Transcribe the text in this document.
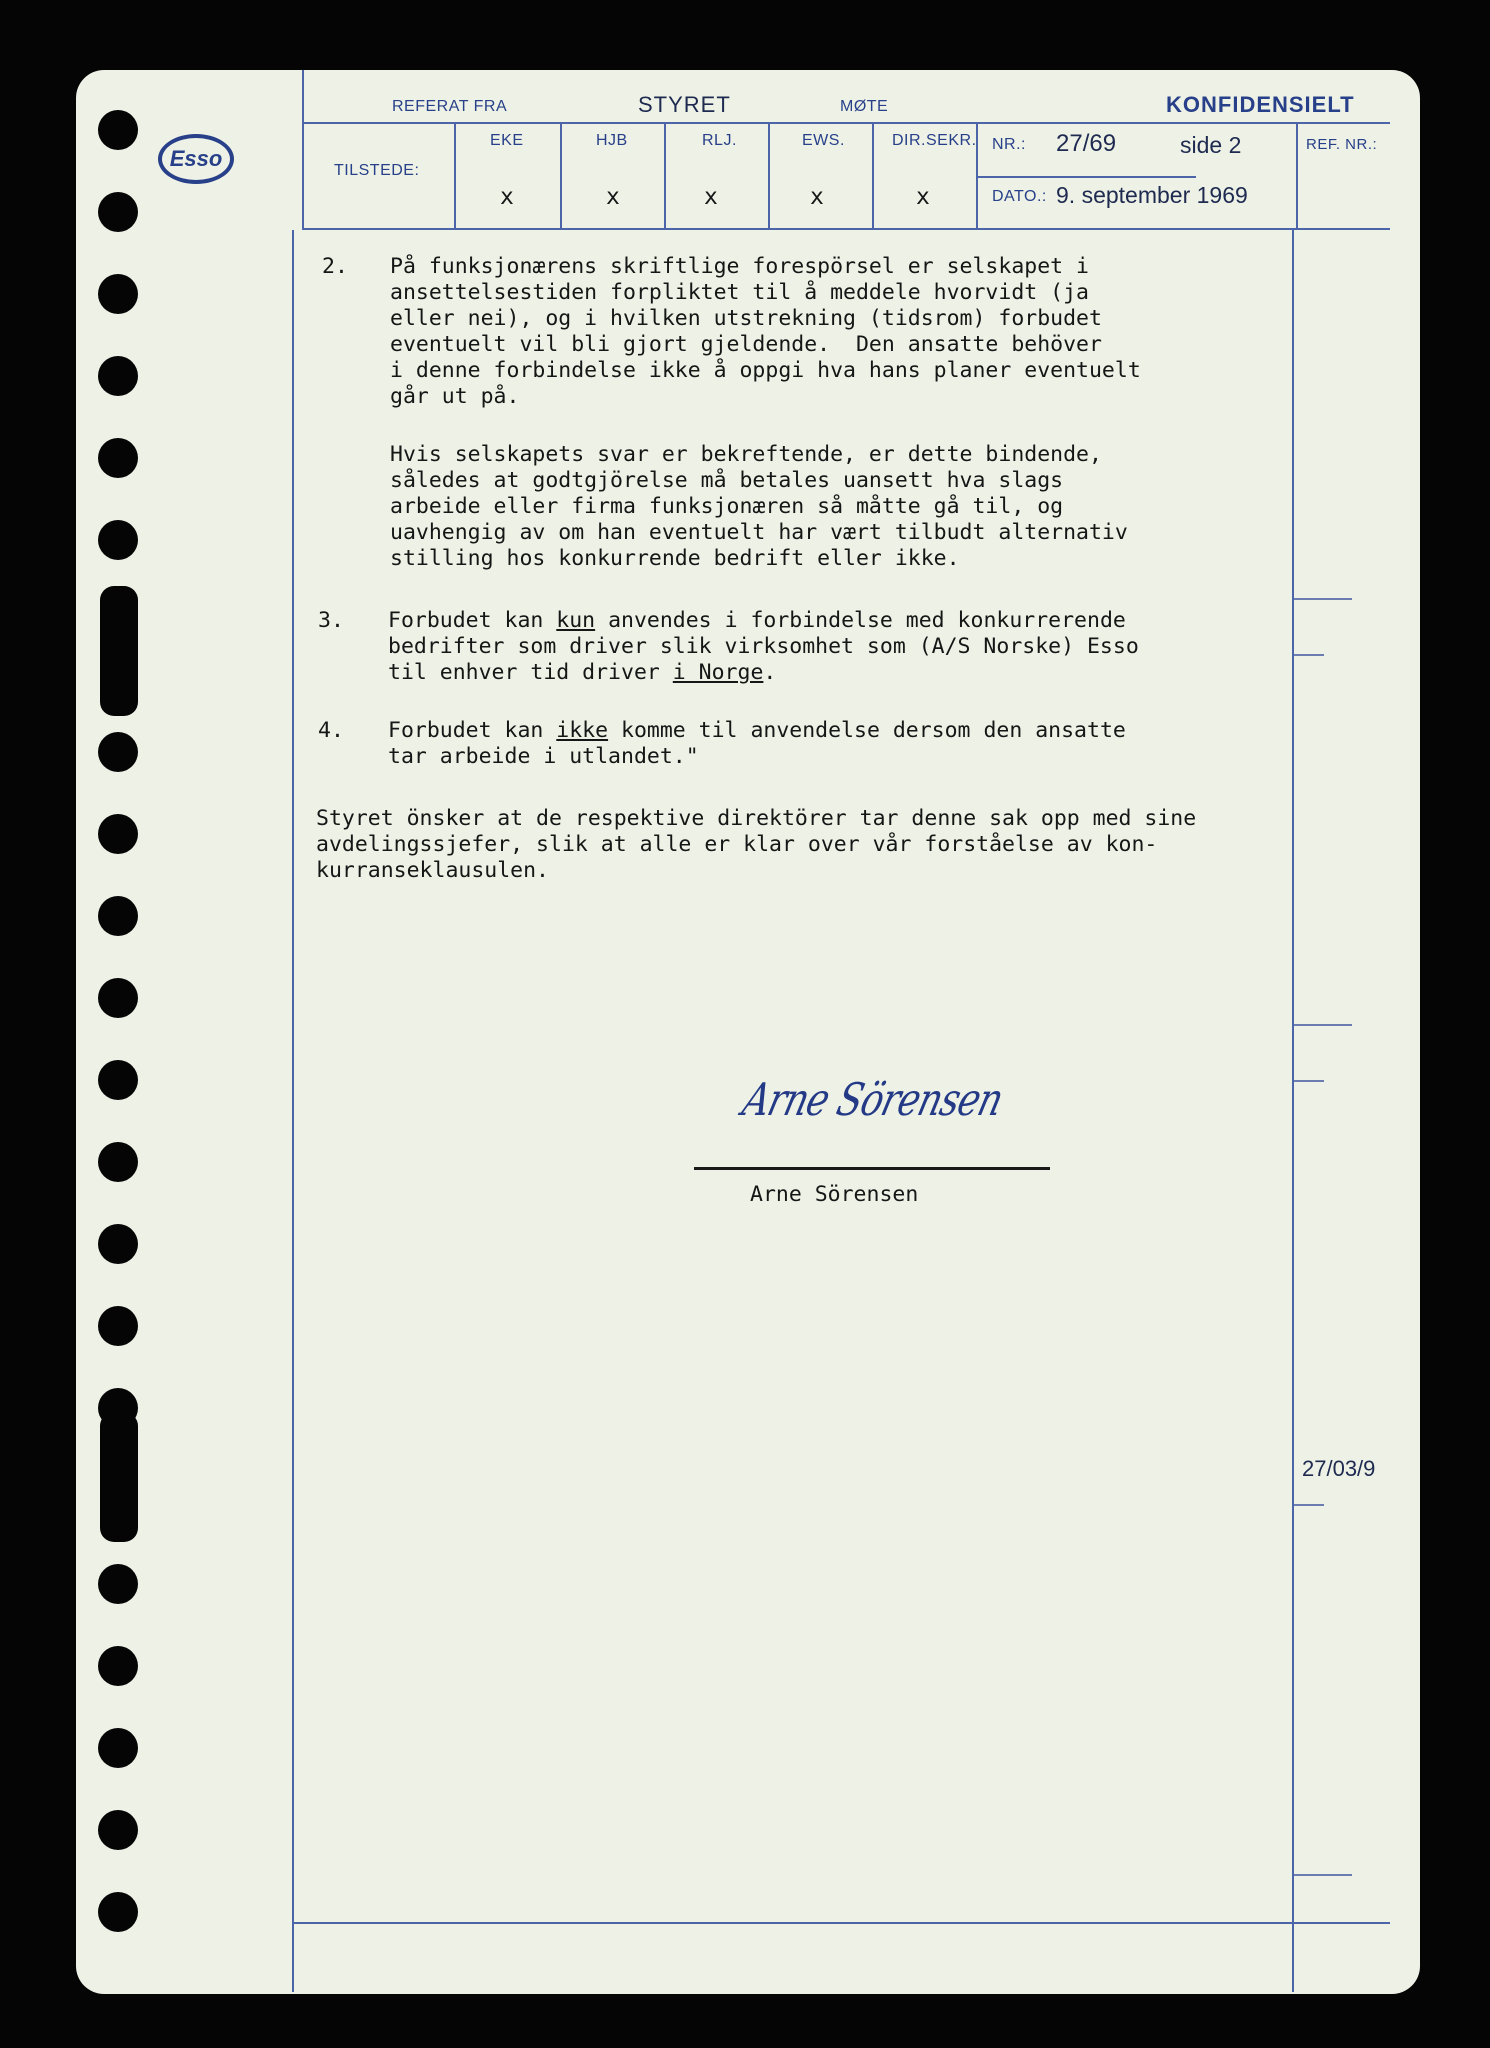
Esso
REFERAT FRA	STYRET	MØTE	KONFIDENSIELT
TILSTEDE:
EKE	HJB	RLJ.	EWS.	DIR.SEKR.
x	x	x	x	x
NR.: 27/69	side 2	REF. NR.:
DATO.: 9. september 1969
2. På funksjonærens skriftlige forespörsel er selskapet i
ansettelsestiden forpliktet til å meddele hvorvidt (ja
eller nei), og i hvilken utstrekning (tidsrom) forbudet
eventuelt vil bli gjort gjeldende.  Den ansatte behöver
i denne forbindelse ikke å oppgi hva hans planer eventuelt
går ut på.
Hvis selskapets svar er bekreftende, er dette bindende,
således at godtgjörelse må betales uansett hva slags
arbeide eller firma funksjonæren så måtte gå til, og
uavhengig av om han eventuelt har vært tilbudt alternativ
stilling hos konkurrende bedrift eller ikke.
3. Forbudet kan kun anvendes i forbindelse med konkurrerende
bedrifter som driver slik virksomhet som (A/S Norske) Esso
til enhver tid driver i Norge.
4. Forbudet kan ikke komme til anvendelse dersom den ansatte
tar arbeide i utlandet."
Styret önsker at de respektive direktörer tar denne sak opp med sine
avdelingssjefer, slik at alle er klar over vår forståelse av kon-
kurranseklausulen.
Arne Sörensen
Arne Sörensen
27/03/9
